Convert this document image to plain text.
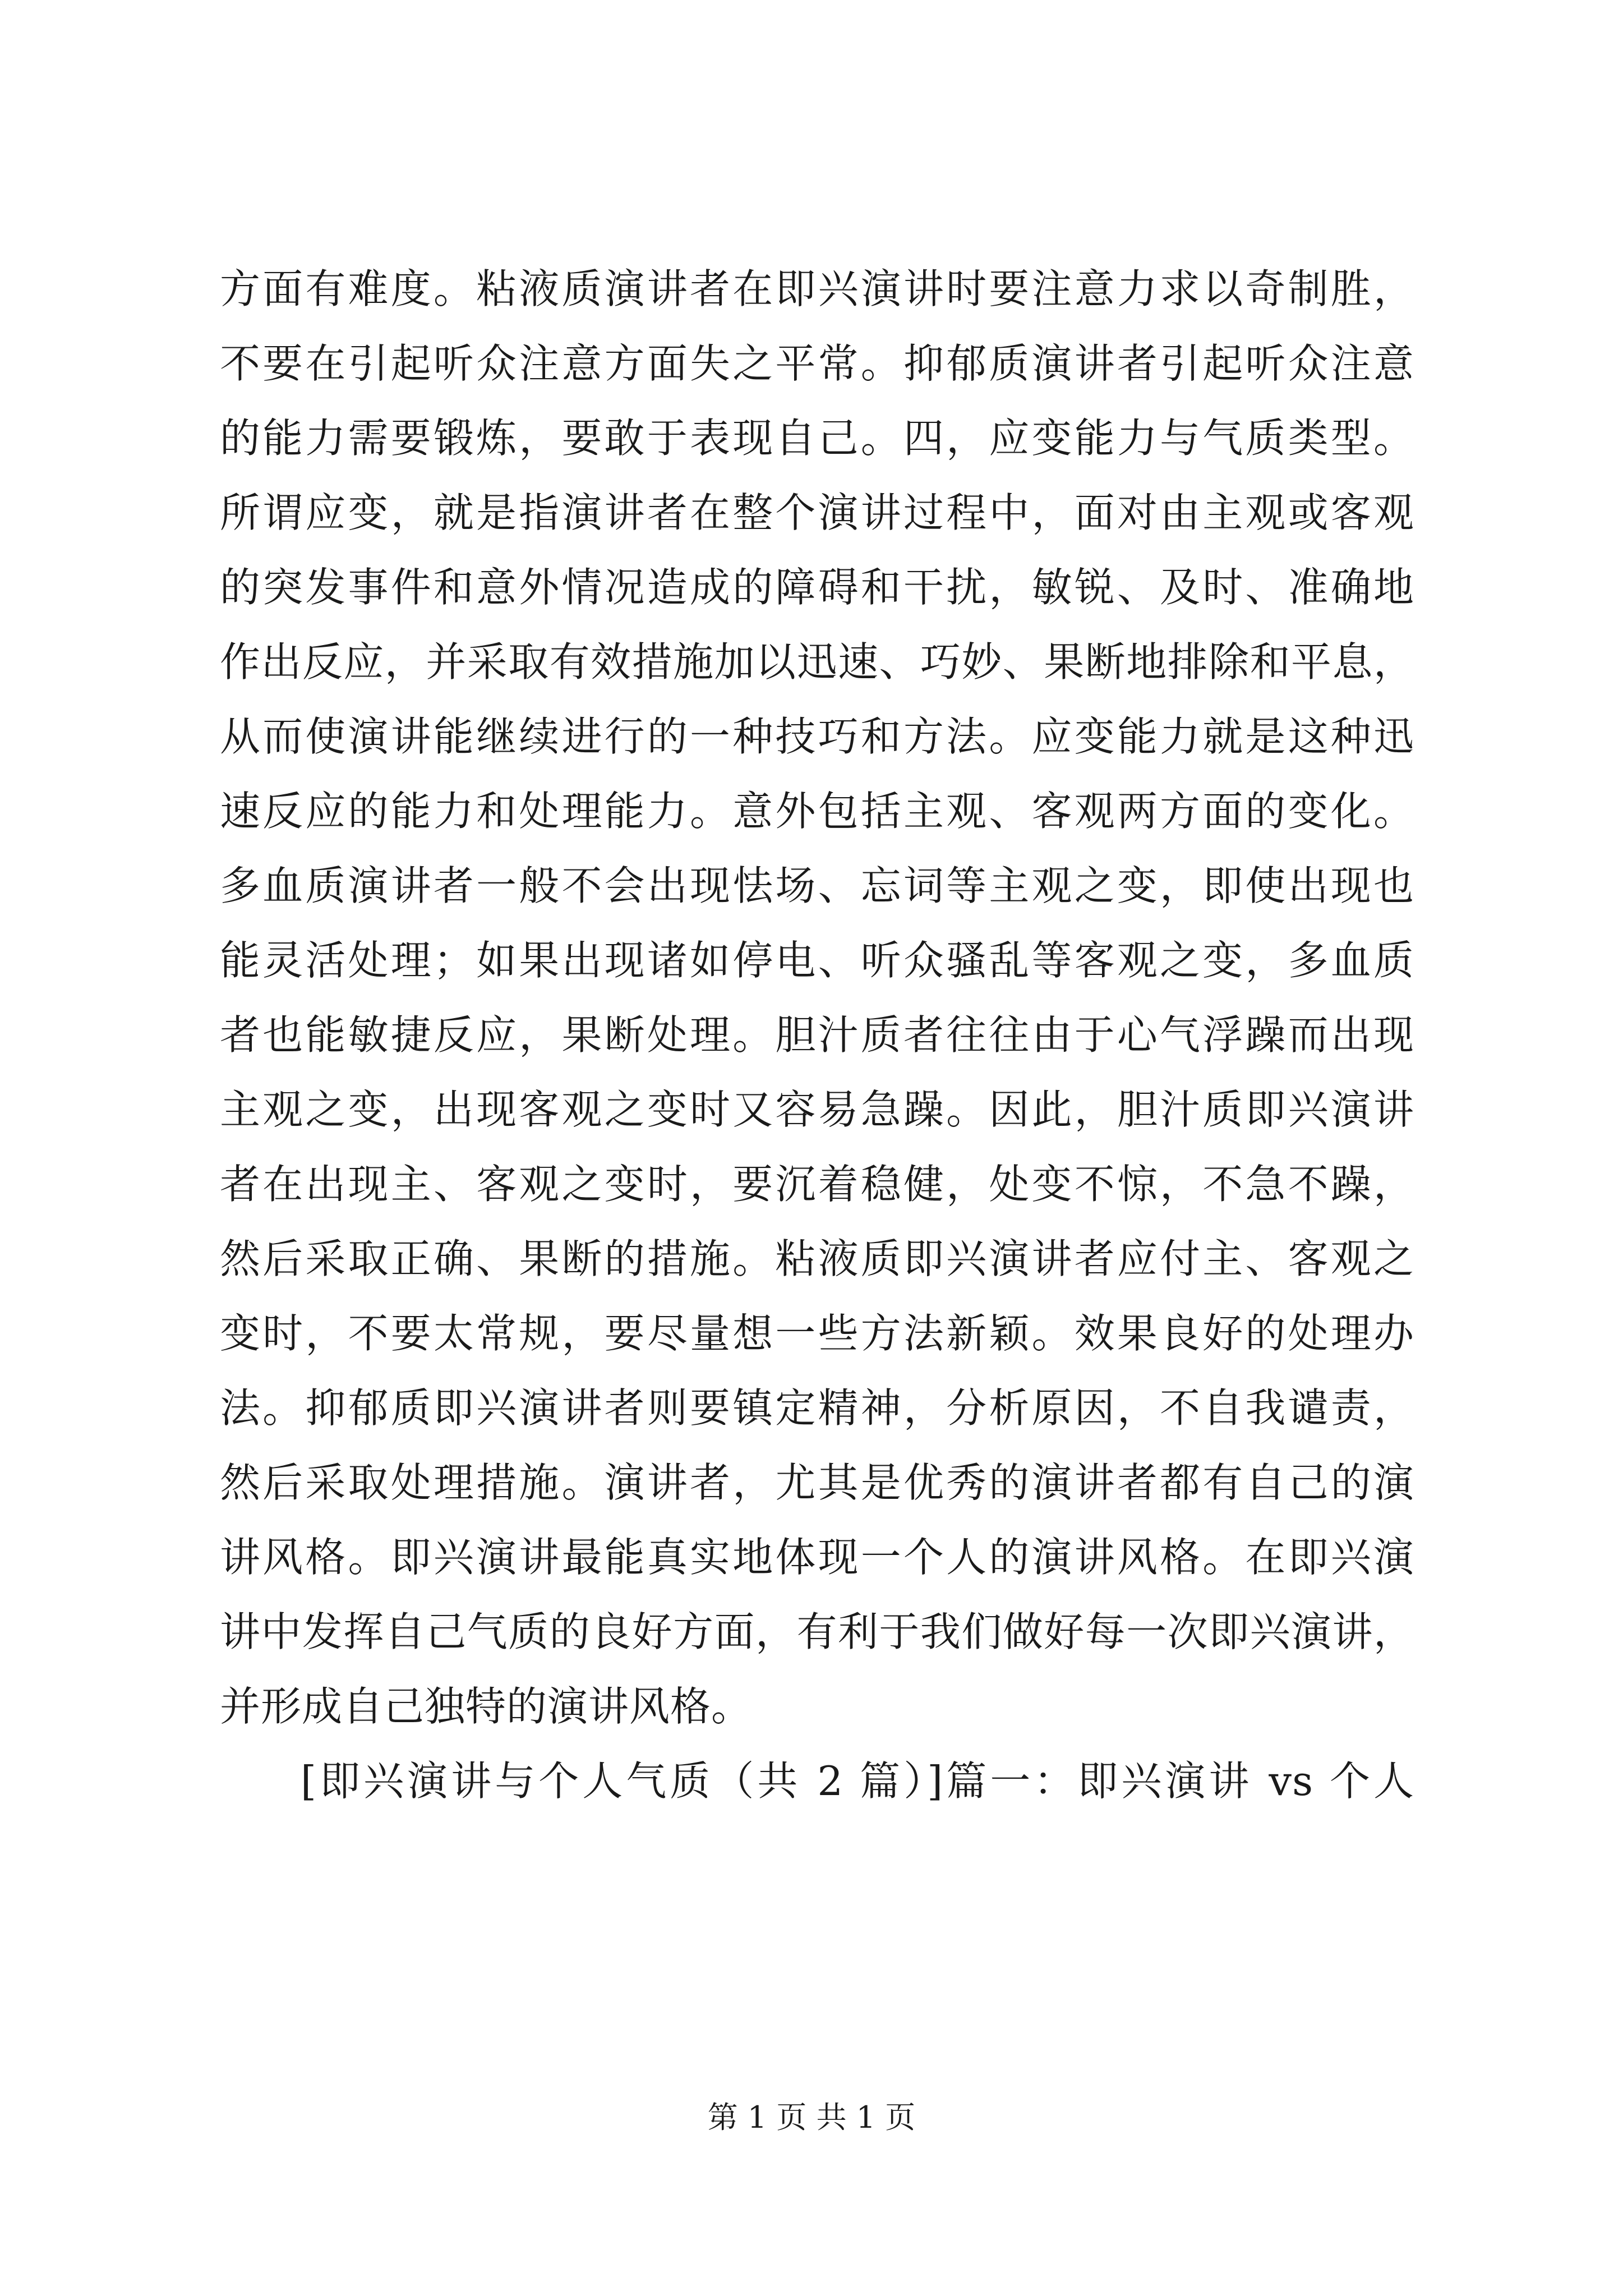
方面有难度。粘液质演讲者在即兴演讲时要注意力求以奇制胜，
不要在引起听众注意方面失之平常。抑郁质演讲者引起听众注意
的能力需要锻炼，要敢于表现自己。四，应变能力与气质类型。
所谓应变，就是指演讲者在整个演讲过程中，面对由主观或客观
的突发事件和意外情况造成的障碍和干扰，敏锐、及时、准确地
作出反应，并采取有效措施加以迅速、巧妙、果断地排除和平息，
从而使演讲能继续进行的一种技巧和方法。应变能力就是这种迅
速反应的能力和处理能力。意外包括主观、客观两方面的变化。
多血质演讲者一般不会出现怯场、忘词等主观之变，即使出现也
能灵活处理；如果出现诸如停电、听众骚乱等客观之变，多血质
者也能敏捷反应，果断处理。胆汁质者往往由于心气浮躁而出现
主观之变，出现客观之变时又容易急躁。因此，胆汁质即兴演讲
者在出现主、客观之变时，要沉着稳健，处变不惊，不急不躁，
然后采取正确、果断的措施。粘液质即兴演讲者应付主、客观之
变时，不要太常规，要尽量想一些方法新颖。效果良好的处理办
法。抑郁质即兴演讲者则要镇定精神，分析原因，不自我谴责，
然后采取处理措施。演讲者，尤其是优秀的演讲者都有自己的演
讲风格。即兴演讲最能真实地体现一个人的演讲风格。在即兴演
讲中发挥自己气质的良好方面，有利于我们做好每一次即兴演讲，
并形成自己独特的演讲风格。
[即兴演讲与个人气质（共 2 篇）]篇一：即兴演讲 vs 个人
第 1 页 共 1 页
